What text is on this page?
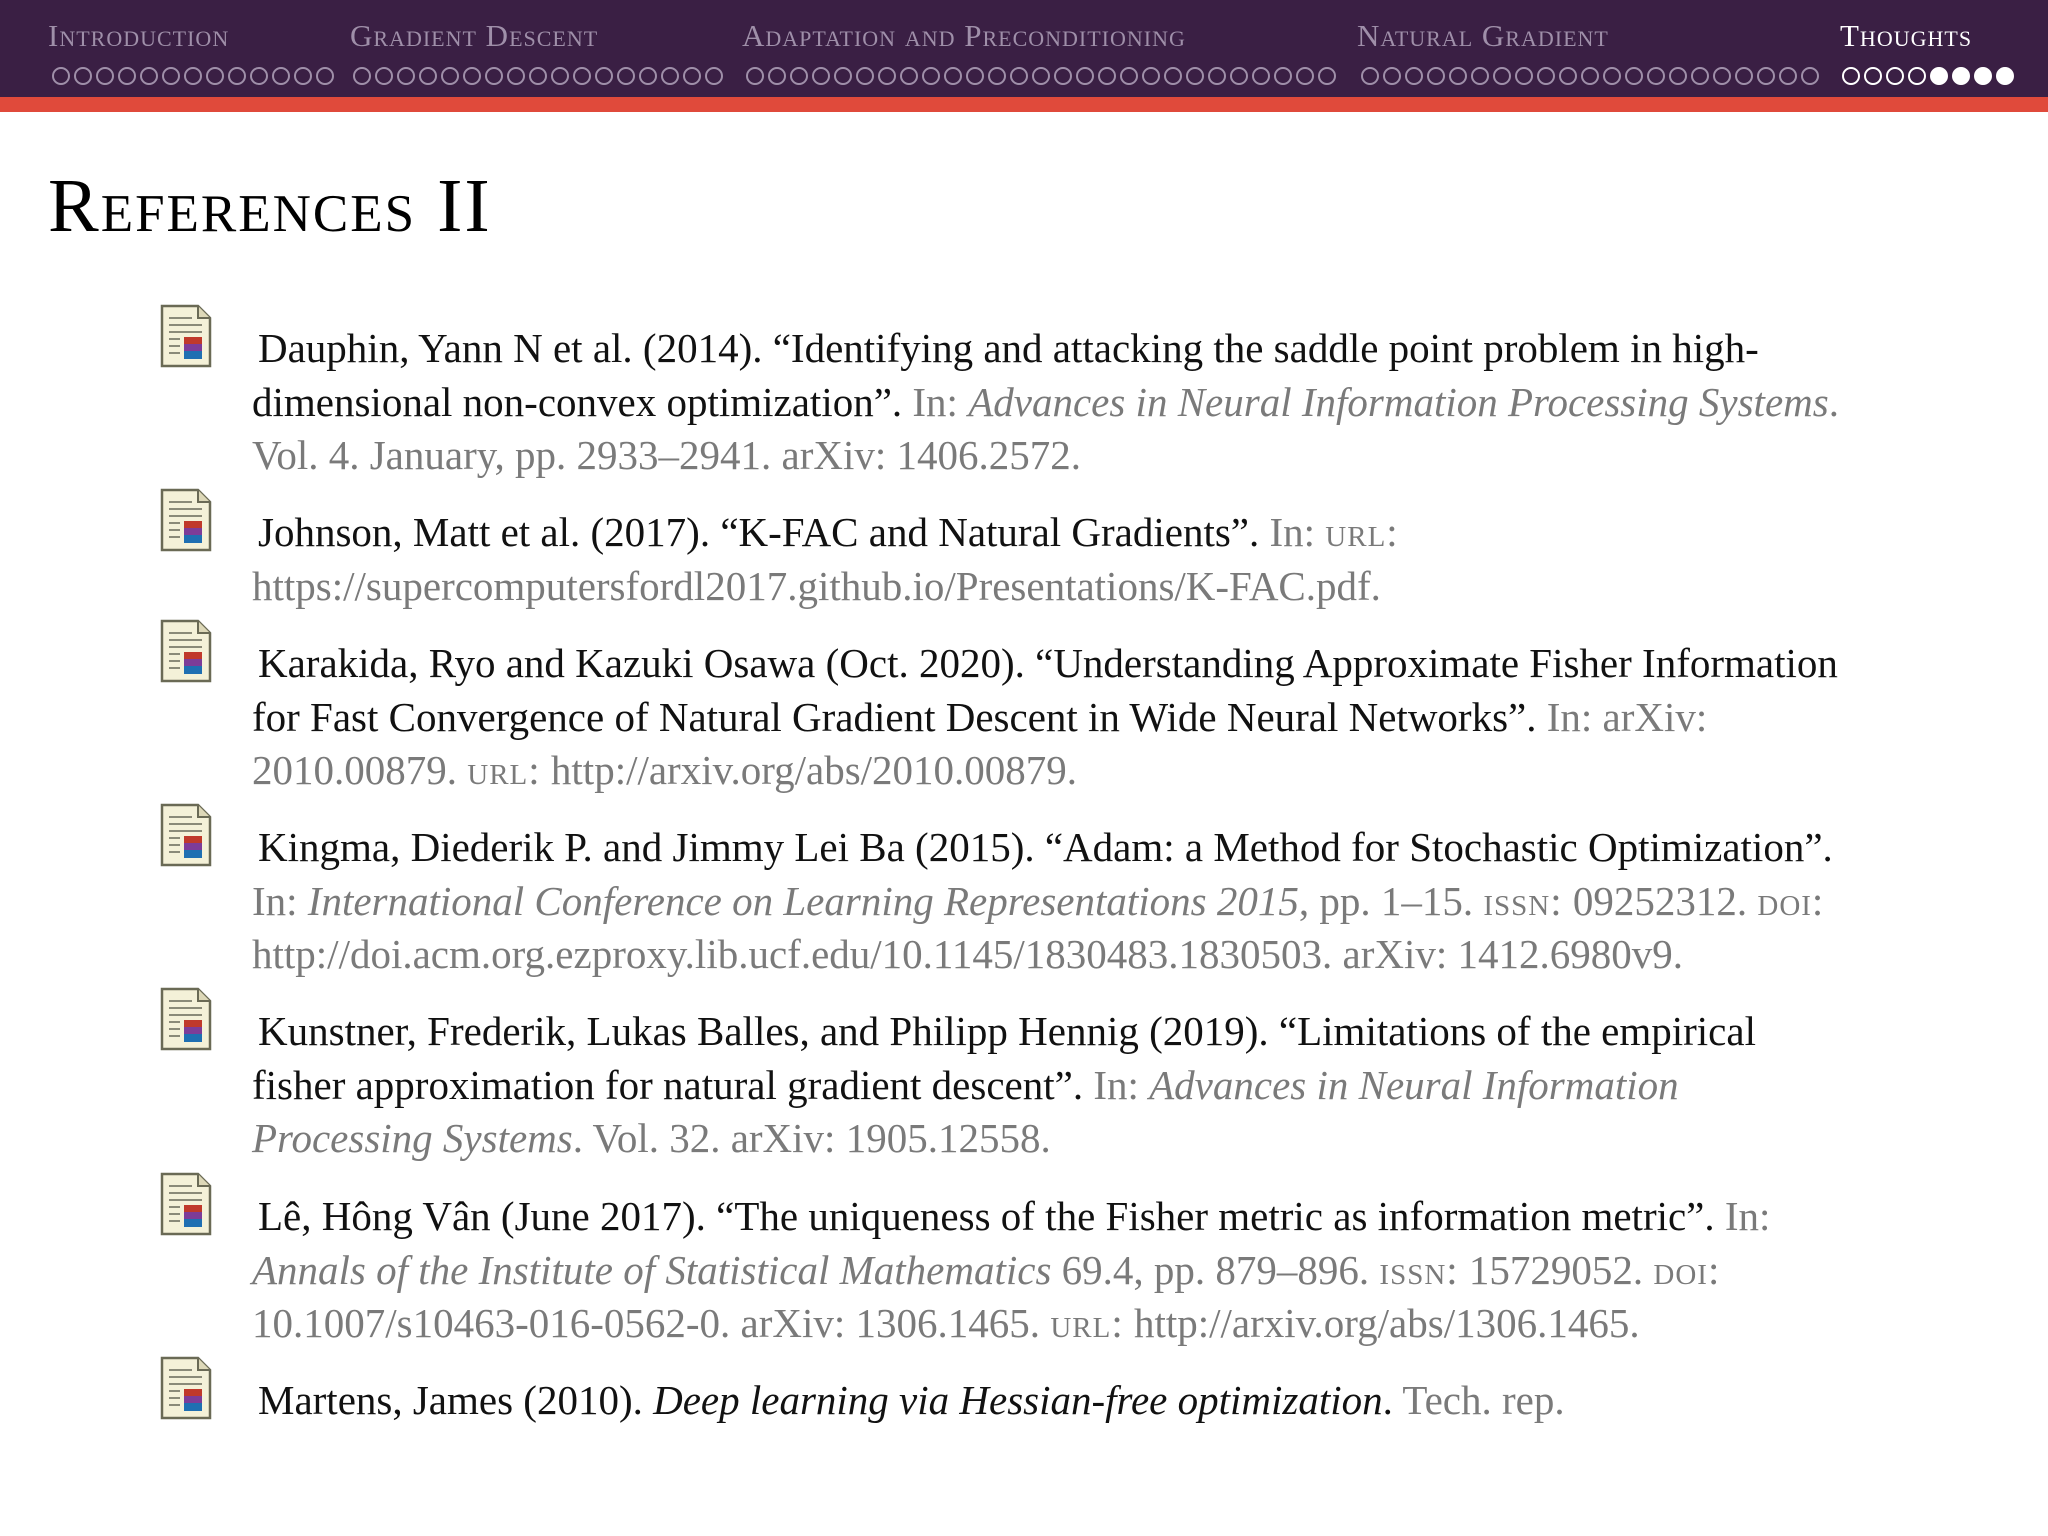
Introduction	Gradient Descent	Adaptation and Preconditioning	Natural Gradient	Thoughts
References II

Dauphin, Yann N et al. (2014). “Identifying and attacking the saddle point problem in high-dimensional non-convex optimization”. In: Advances in Neural Information Processing Systems. Vol. 4. January, pp. 2933–2941. arXiv: 1406.2572.

Johnson, Matt et al. (2017). “K-FAC and Natural Gradients”. In: url:
https://supercomputersfordl2017.github.io/Presentations/K-FAC.pdf.

Karakida, Ryo and Kazuki Osawa (Oct. 2020). “Understanding Approximate Fisher Information for Fast Convergence of Natural Gradient Descent in Wide Neural Networks”. In: arXiv: 2010.00879. url: http://arxiv.org/abs/2010.00879.

Kingma, Diederik P. and Jimmy Lei Ba (2015). “Adam: a Method for Stochastic Optimization”.
In: International Conference on Learning Representations 2015, pp. 1–15. issn: 09252312. doi:
http://doi.acm.org.ezproxy.lib.ucf.edu/10.1145/1830483.1830503. arXiv: 1412.6980v9.

Kunstner, Frederik, Lukas Balles, and Philipp Hennig (2019). “Limitations of the empirical fisher approximation for natural gradient descent”. In: Advances in Neural Information Processing Systems. Vol. 32. arXiv: 1905.12558.

Lê, Hông Vân (June 2017). “The uniqueness of the Fisher metric as information metric”. In:
Annals of the Institute of Statistical Mathematics 69.4, pp. 879–896. issn: 15729052. doi:
10.1007/s10463-016-0562-0. arXiv: 1306.1465. url: http://arxiv.org/abs/1306.1465.

Martens, James (2010). Deep learning via Hessian-free optimization. Tech. rep.
